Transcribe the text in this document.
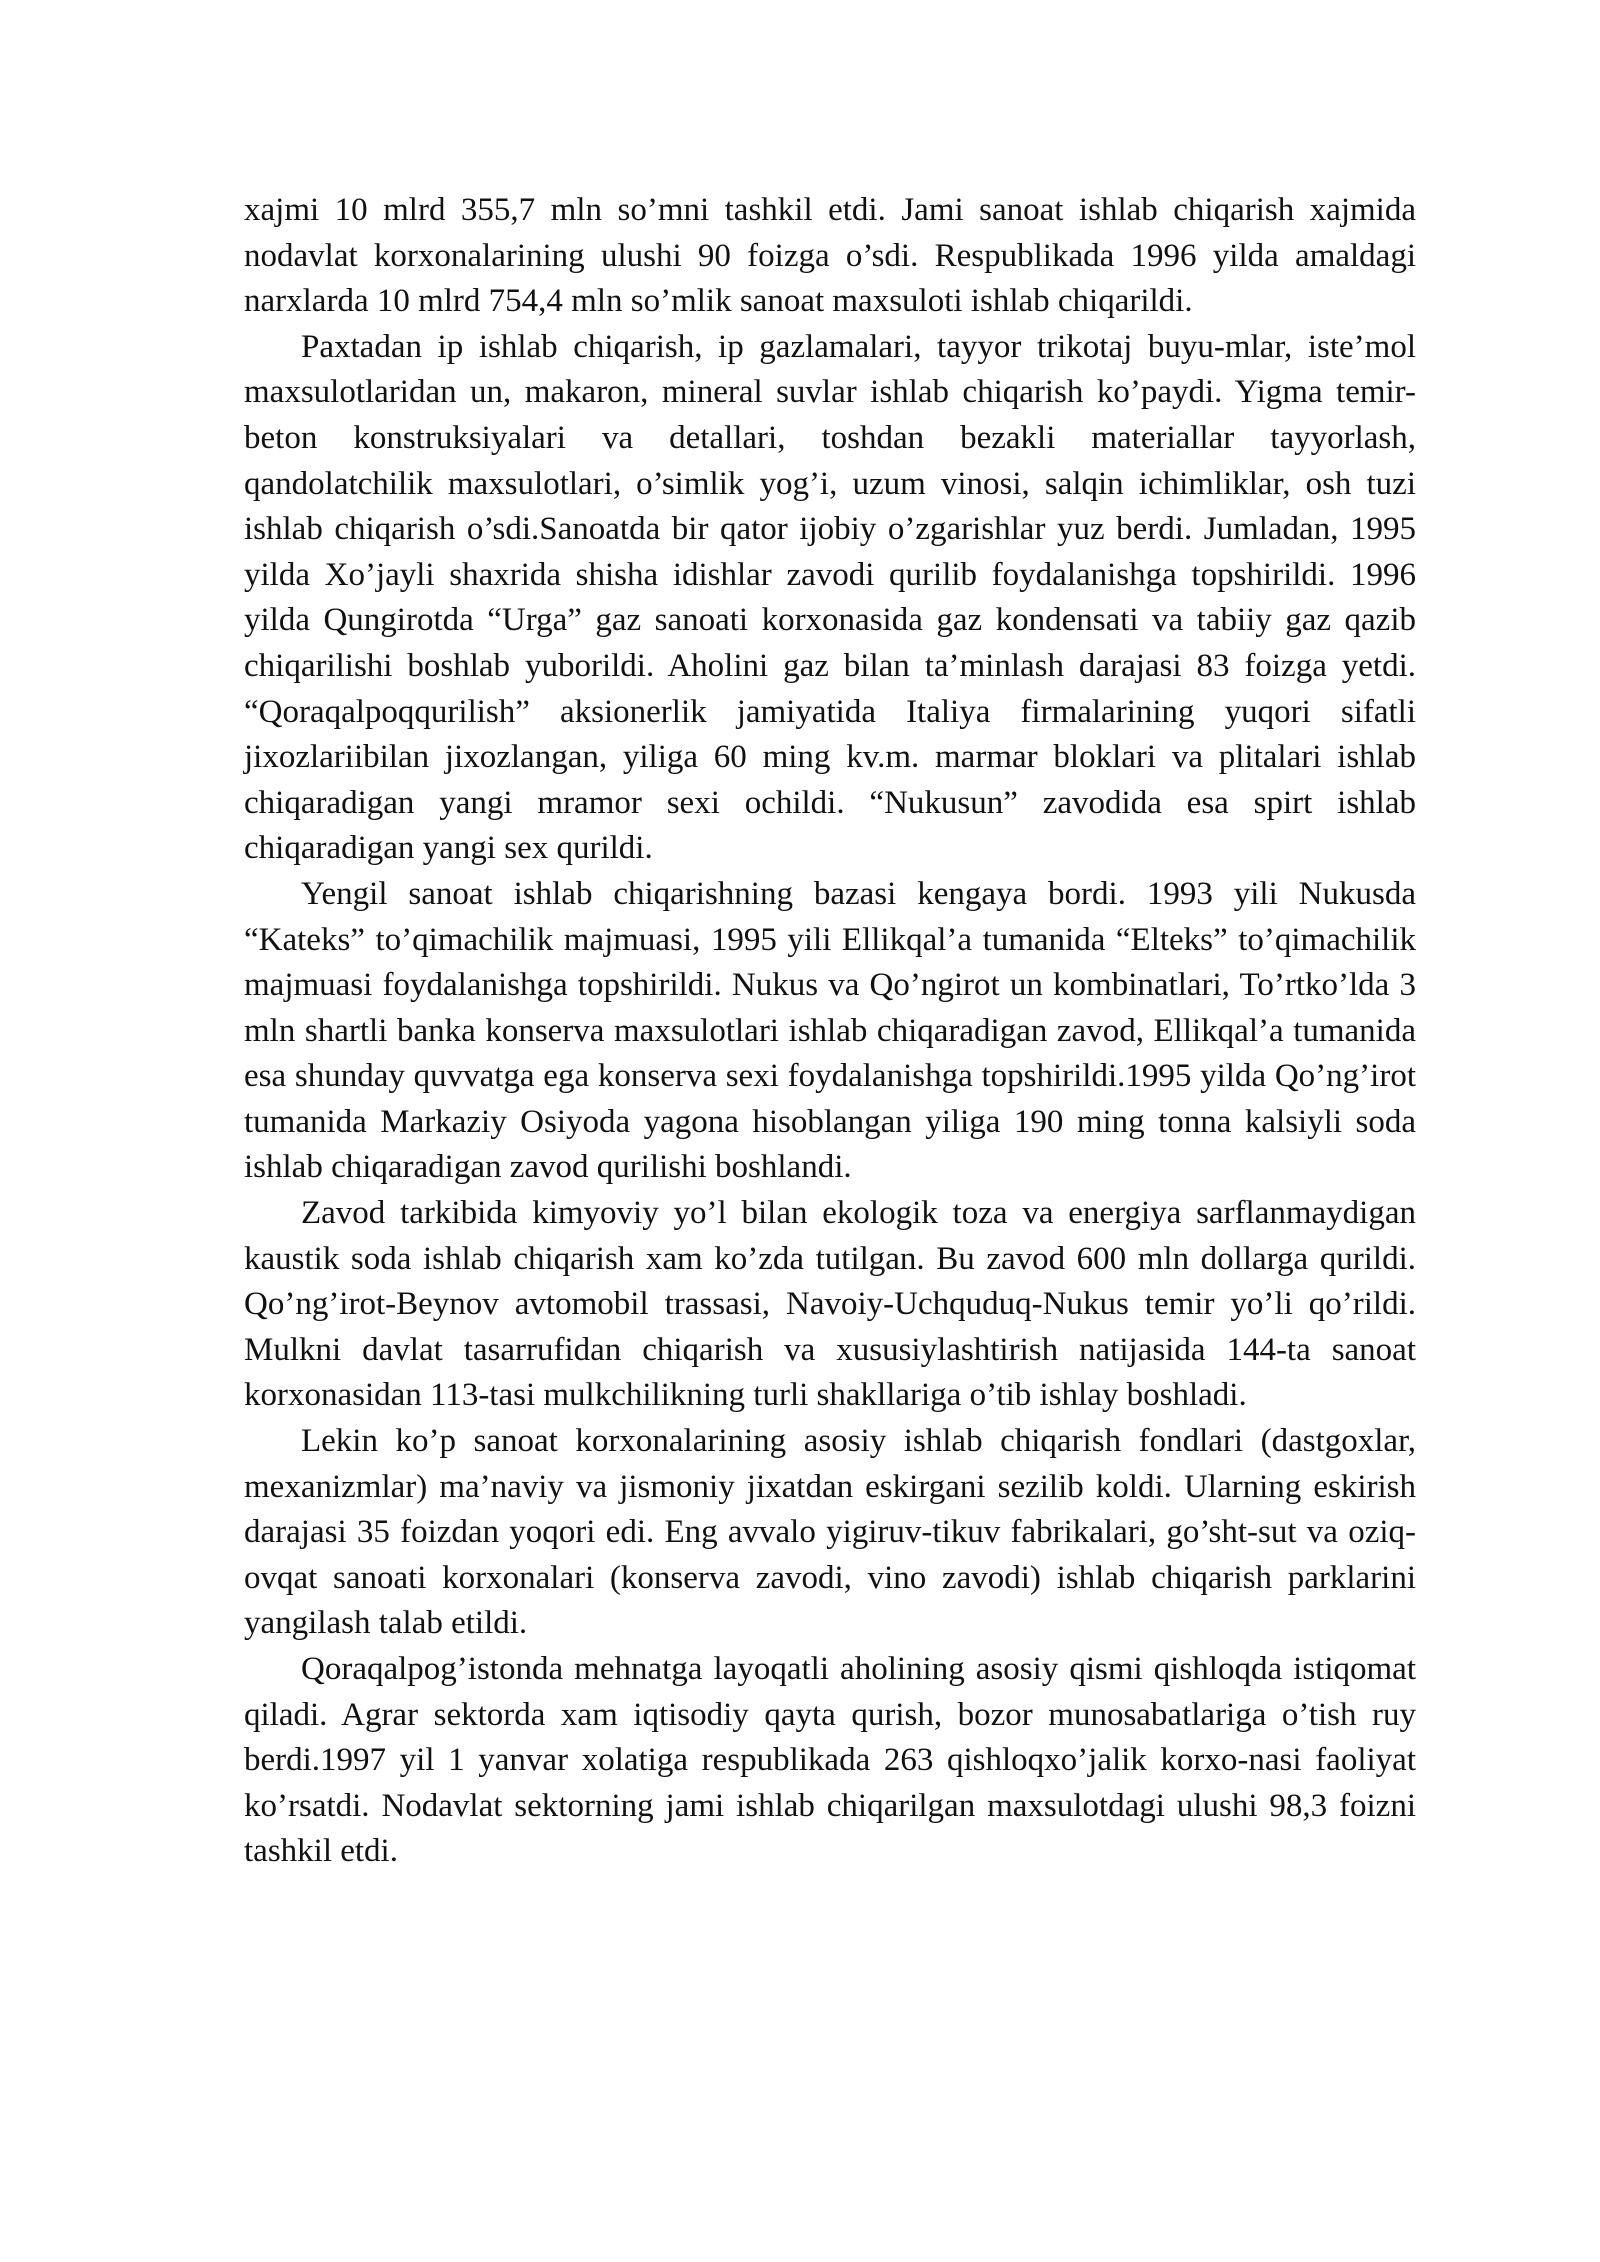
xajmi 10 mlrd 355,7 mln so’mni tashkil etdi. Jami sanoat ishlab chiqarish xajmida nodavlat korxonalarining ulushi 90 foizga o’sdi. Respublikada 1996 yilda amaldagi narxlarda 10 mlrd 754,4 mln so’mlik sanoat maxsuloti ishlab chiqarildi.

Paxtadan ip ishlab chiqarish, ip gazlamalari, tayyor trikotaj buyu-mlar, iste’mol maxsulotlaridan un, makaron, mineral suvlar ishlab chiqarish ko’paydi. Yigma temir-beton konstruksiyalari va detallari, toshdan bezakli materiallar tayyorlash, qandolatchilik maxsulotlari, o’simlik yog’i, uzum vinosi, salqin ichimliklar, osh tuzi ishlab chiqarish o’sdi.Sanoatda bir qator ijobiy o’zgarishlar yuz berdi. Jumladan, 1995 yilda Xo’jayli shaxrida shisha idishlar zavodi qurilib foydalanishga topshirildi. 1996 yilda Qungirotda “Urga” gaz sanoati korxonasida gaz kondensati va tabiiy gaz qazib chiqarilishi boshlab yuborildi. Aholini gaz bilan ta’minlash darajasi 83 foizga yetdi. “Qoraqalpoqqurilish” aksionerlik jamiyatida Italiya firmalarining yuqori sifatli jixozlariibilan jixozlangan, yiliga 60 ming kv.m. marmar bloklari va plitalari ishlab chiqaradigan yangi mramor sexi ochildi. “Nukusun” zavodida esa spirt ishlab chiqaradigan yangi sex qurildi.

Yengil sanoat ishlab chiqarishning bazasi kengaya bordi. 1993 yili Nukusda “Kateks” to’qimachilik majmuasi, 1995 yili Ellikqal’a tumanida “Elteks” to’qimachilik majmuasi foydalanishga topshirildi. Nukus va Qo’ngirot un kombinatlari, To’rtko’lda 3 mln shartli banka konserva maxsulotlari ishlab chiqaradigan zavod, Ellikqal’a tumanida esa shunday quvvatga ega konserva sexi foydalanishga topshirildi.1995 yilda Qo’ng’irot tumanida Markaziy Osiyoda yagona hisoblangan yiliga 190 ming tonna kalsiyli soda ishlab chiqaradigan zavod qurilishi boshlandi.

Zavod tarkibida kimyoviy yo’l bilan ekologik toza va energiya sarflanmaydigan kaustik soda ishlab chiqarish xam ko’zda tutilgan. Bu zavod 600 mln dollarga qurildi. Qo’ng’irot-Beynov avtomobil trassasi, Navoiy-Uchquduq-Nukus temir yo’li qo’rildi. Mulkni davlat tasarrufidan chiqarish va xususiylashtirish natijasida 144-ta sanoat korxonasidan 113-tasi mulkchilikning turli shakllariga o’tib ishlay boshladi.

Lekin ko’p sanoat korxonalarining asosiy ishlab chiqarish fondlari (dastgoxlar, mexanizmlar) ma’naviy va jismoniy jixatdan eskirgani sezilib koldi. Ularning eskirish darajasi 35 foizdan yoqori edi. Eng avvalo yigiruv-tikuv fabrikalari, go’sht-sut va oziq-ovqat sanoati korxonalari (konserva zavodi, vino zavodi) ishlab chiqarish parklarini yangilash talab etildi.

Qoraqalpog’istonda mehnatga layoqatli aholining asosiy qismi qishloqda istiqomat qiladi. Agrar sektorda xam iqtisodiy qayta qurish, bozor munosabatlariga o’tish ruy berdi.1997 yil 1 yanvar xolatiga respublikada 263 qishloqxo’jalik korxo-nasi faoliyat ko’rsatdi. Nodavlat sektorning jami ishlab chiqarilgan maxsulotdagi ulushi 98,3 foizni tashkil etdi.
